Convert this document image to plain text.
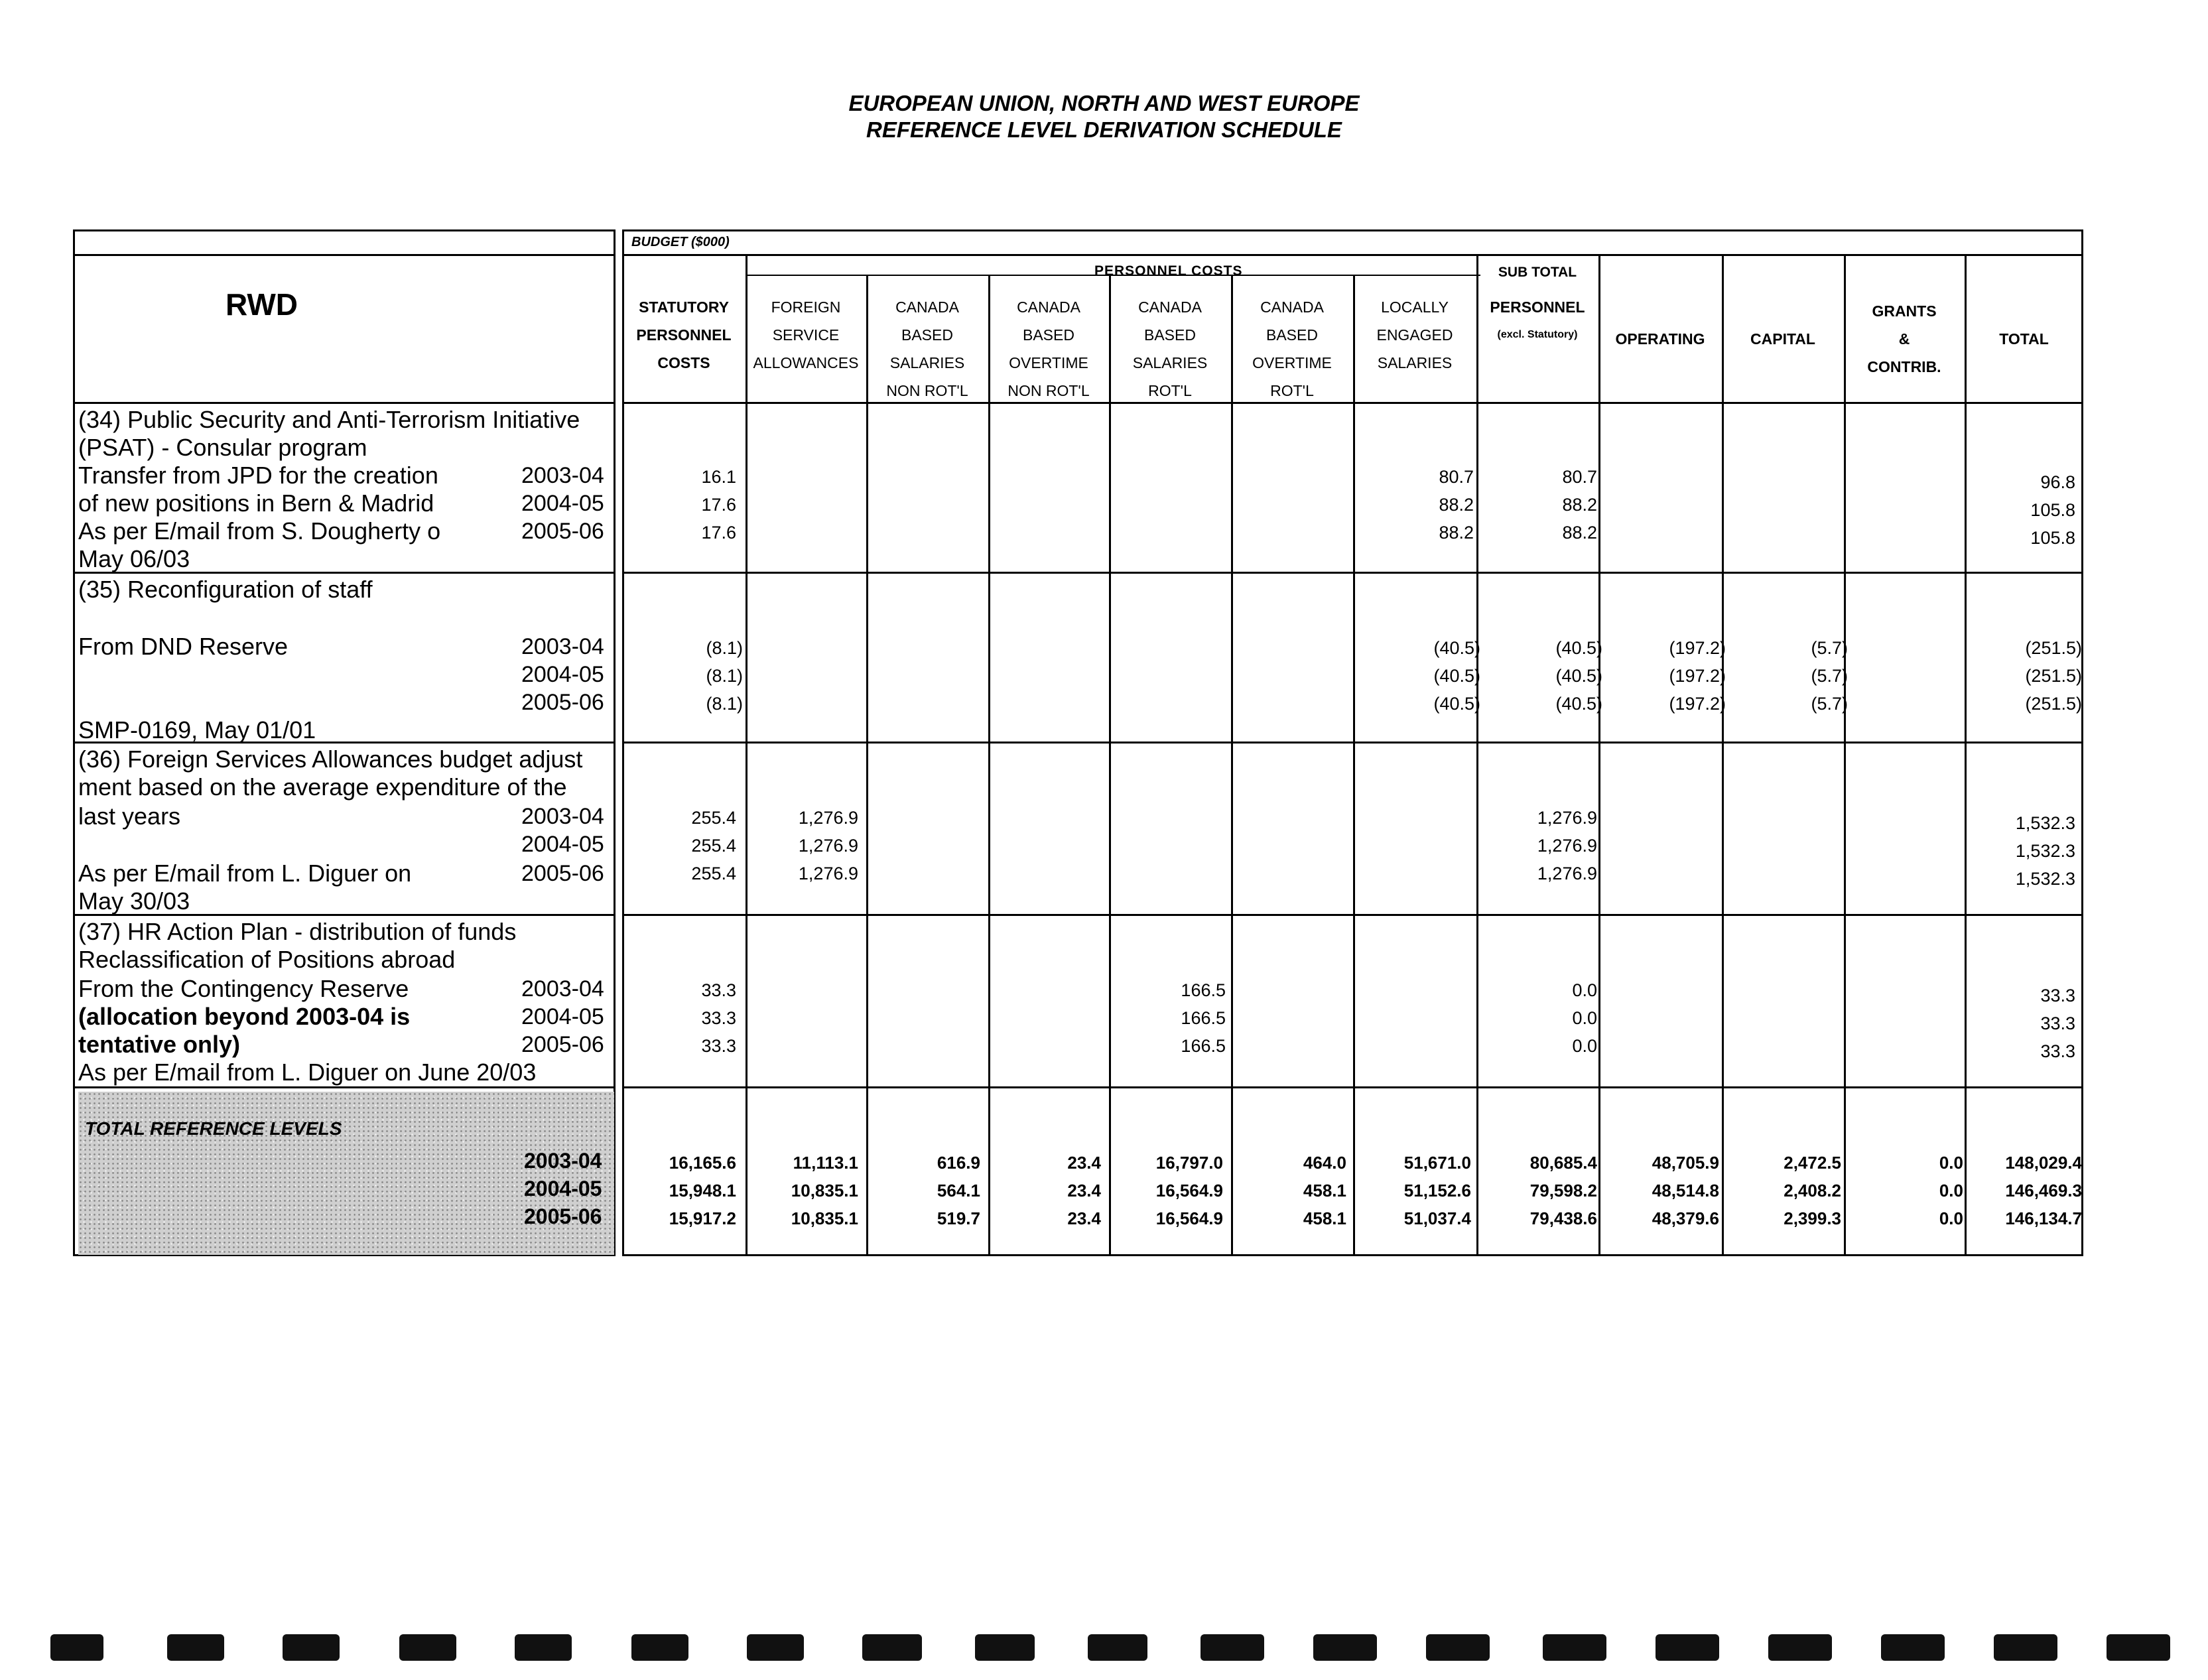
EUROPEAN UNION, NORTH AND WEST EUROPE
REFERENCE LEVEL DERIVATION SCHEDULE
RWD
(34) Public Security and Anti-Terrorism Initiative
(PSAT) - Consular program
Transfer from JPD for the creation
of new positions in Bern & Madrid
As per E/mail from S. Dougherty o
May 06/03
2003-04
2004-05
2005-06
(35) Reconfiguration of staff
From DND Reserve
SMP-0169, May 01/01
2003-04
2004-05
2005-06
(36) Foreign Services Allowances budget adjust
ment based on the average expenditure of the
last years
As per E/mail from L. Diguer on
May 30/03
2003-04
2004-05
2005-06
(37) HR Action Plan - distribution of funds
Reclassification of Positions abroad
From the Contingency Reserve
(allocation beyond 2003-04 is
tentative only)
As per E/mail from L. Diguer on June 20/03
2003-04
2004-05
2005-06
TOTAL REFERENCE LEVELS
2003-04
2004-05
2005-06
BUDGET ($000)
PERSONNEL COSTS
STATUTORY
PERSONNEL
COSTS
FOREIGN
SERVICE
ALLOWANCES
CANADA
BASED
SALARIES
NON ROT'L
CANADA
BASED
OVERTIME
NON ROT'L
CANADA
BASED
SALARIES
ROT'L
CANADA
BASED
OVERTIME
ROT'L
LOCALLY
ENGAGED
SALARIES
SUB TOTAL
PERSONNEL
(excl. Statutory)	OPERATING	CAPITAL
GRANTS
&
CONTRIB.
TOTAL
16.1
17.6
17.6
80.7
88.2
88.2
80.7
88.2
88.2
96.8
105.8
105.8
(8.1)
(8.1)
(8.1)
(40.5)
(40.5)
(40.5)
(40.5)
(40.5)
(40.5)
(197.2)
(197.2)
(197.2)
(5.7)
(5.7)
(5.7)
(251.5)
(251.5)
(251.5)
255.4
255.4
255.4
1,276.9
1,276.9
1,276.9
1,276.9
1,276.9
1,276.9
1,532.3
1,532.3
1,532.3
33.3
33.3
33.3
166.5
166.5
166.5
0.0
0.0
0.0
33.3
33.3
33.3
16,165.6
15,948.1
15,917.2
11,113.1
10,835.1
10,835.1
616.9
564.1
519.7
23.4
23.4
23.4
16,797.0
16,564.9
16,564.9
464.0
458.1
458.1
51,671.0
51,152.6
51,037.4
80,685.4
79,598.2
79,438.6
48,705.9
48,514.8
48,379.6
2,472.5
2,408.2
2,399.3
0.0
0.0
0.0
148,029.4
146,469.3
146,134.7
